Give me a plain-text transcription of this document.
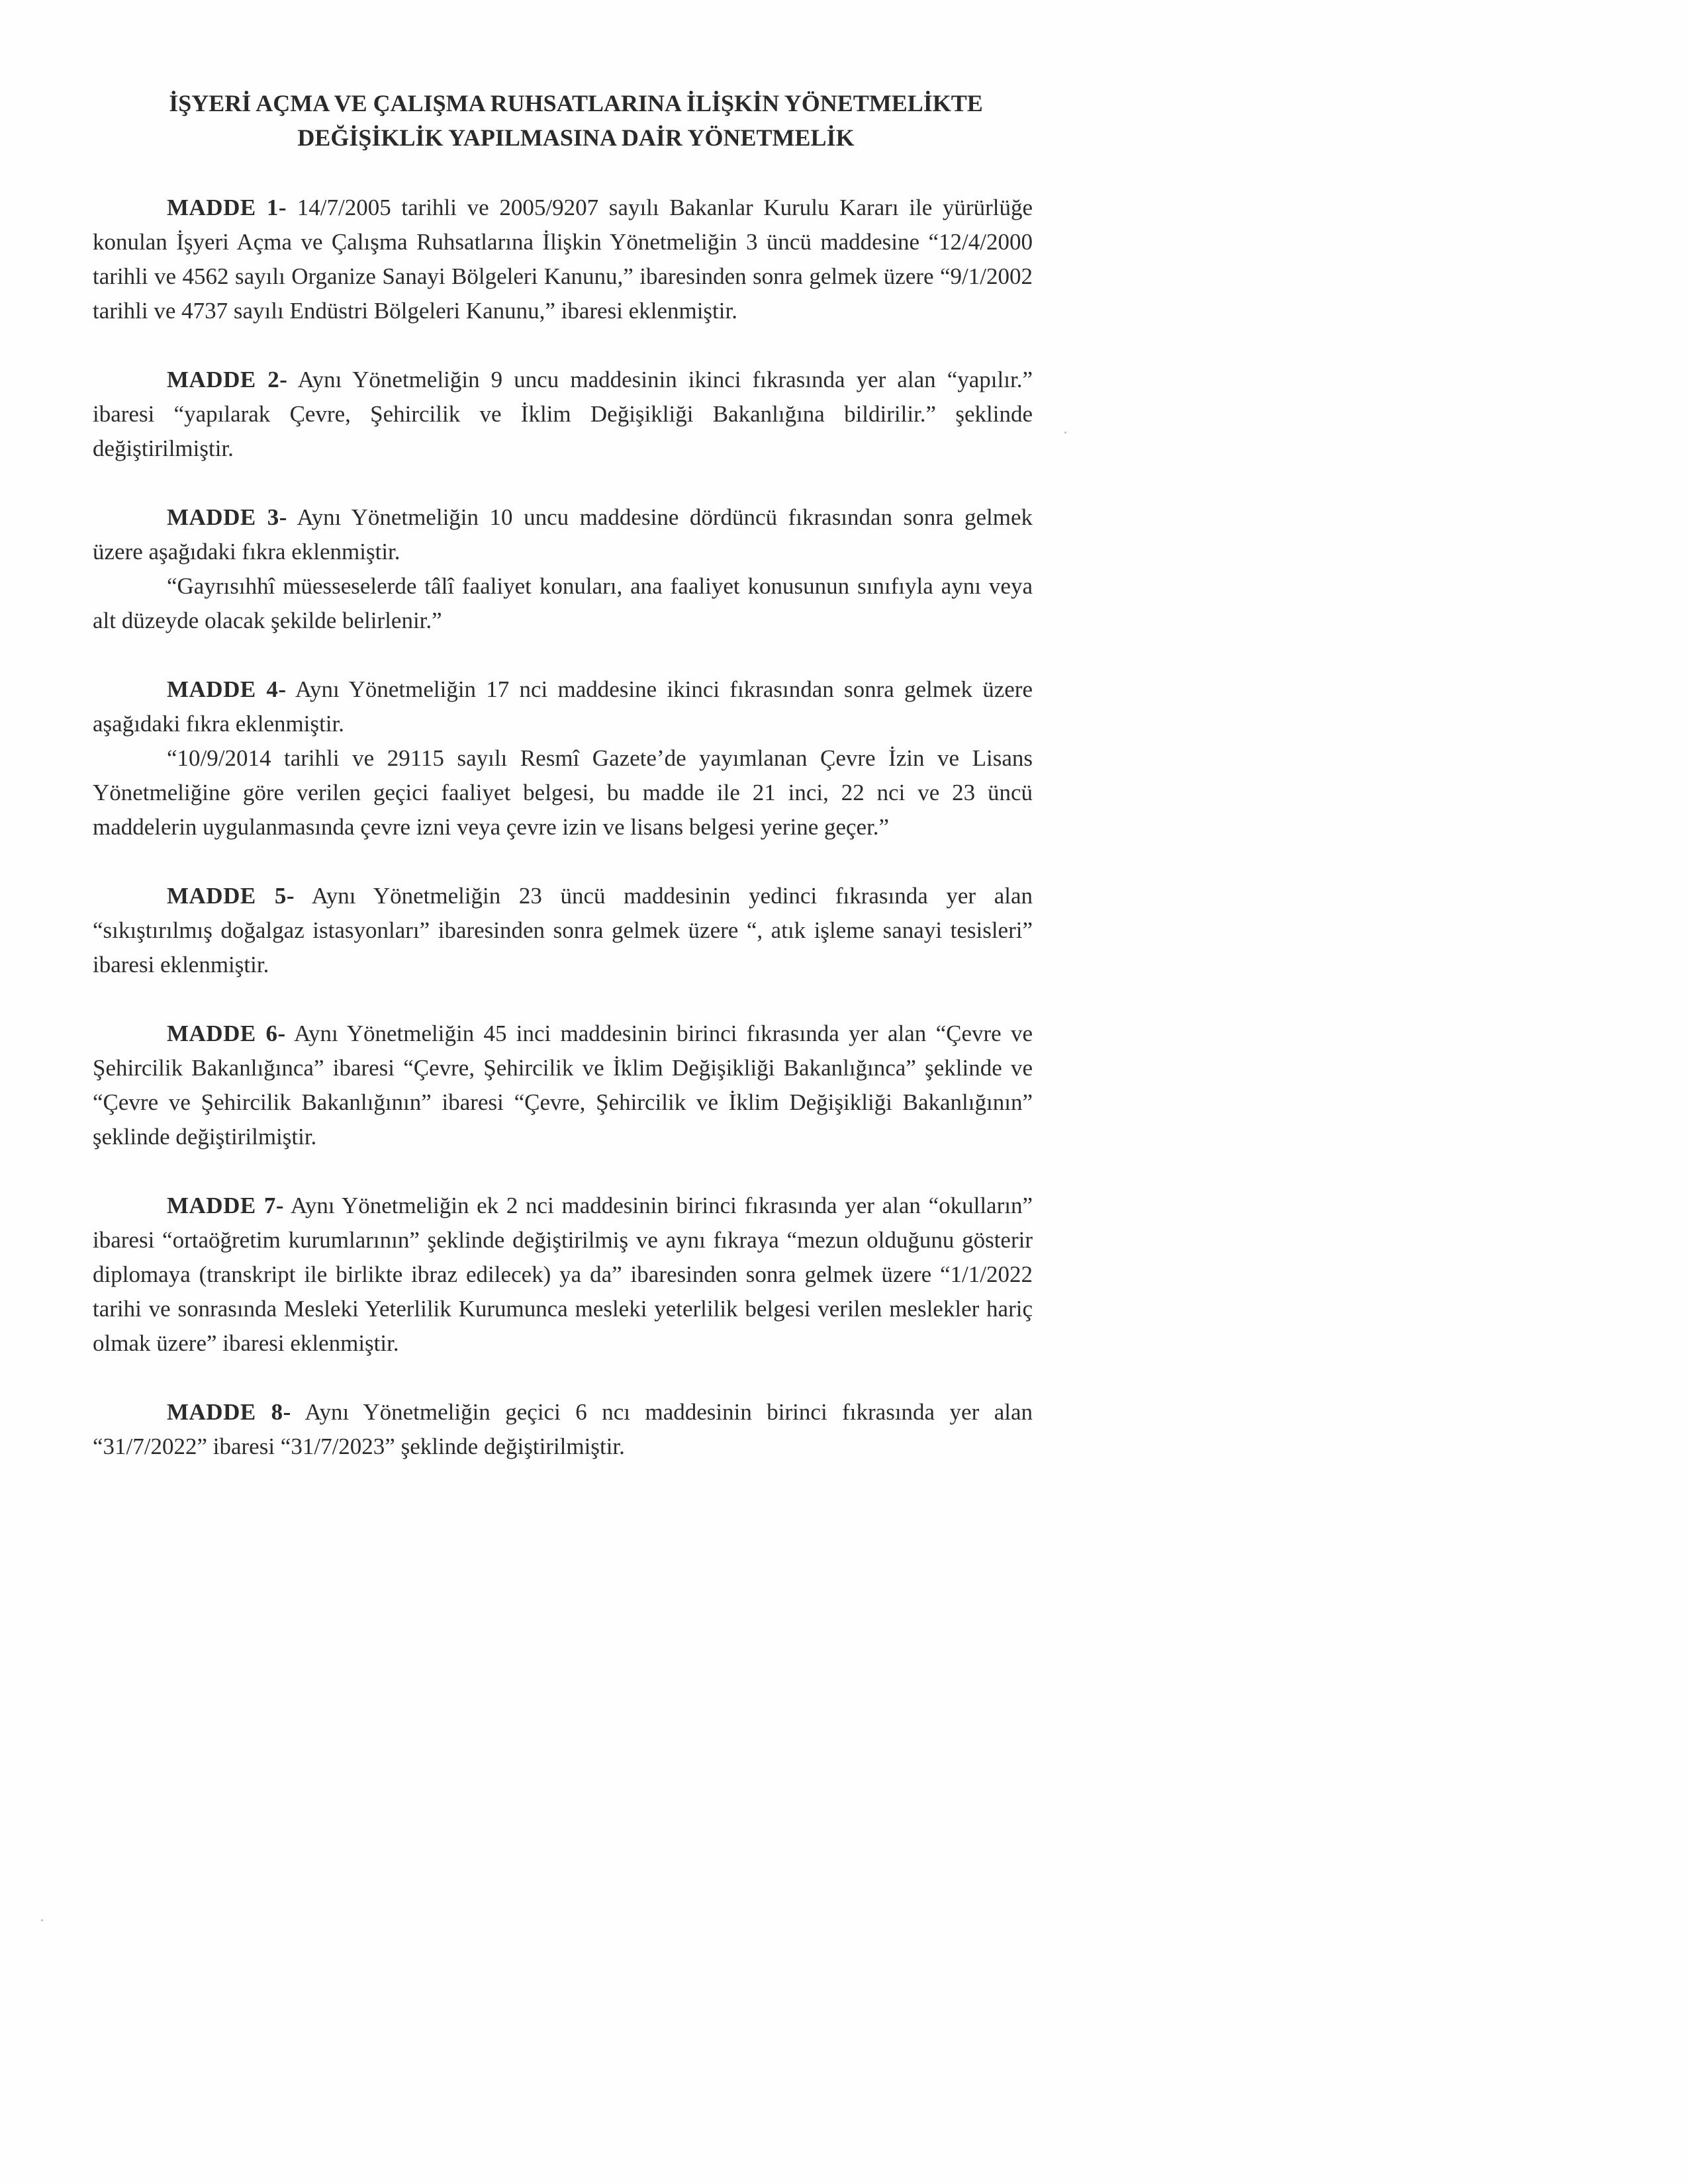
İŞYERİ AÇMA VE ÇALIŞMA RUHSATLARINA İLİŞKİN YÖNETMELİKTE
DEĞİŞİKLİK YAPILMASINA DAİR YÖNETMELİK

MADDE 1- 14/7/2005 tarihli ve 2005/9207 sayılı Bakanlar Kurulu Kararı ile yürürlüğe konulan İşyeri Açma ve Çalışma Ruhsatlarına İlişkin Yönetmeliğin 3 üncü maddesine “12/4/2000 tarihli ve 4562 sayılı Organize Sanayi Bölgeleri Kanunu,” ibaresinden sonra gelmek üzere “9/1/2002 tarihli ve 4737 sayılı Endüstri Bölgeleri Kanunu,” ibaresi eklenmiştir.

MADDE 2- Aynı Yönetmeliğin 9 uncu maddesinin ikinci fıkrasında yer alan “yapılır.” ibaresi “yapılarak Çevre, Şehircilik ve İklim Değişikliği Bakanlığına bildirilir.” şeklinde değiştirilmiştir.

MADDE 3- Aynı Yönetmeliğin 10 uncu maddesine dördüncü fıkrasından sonra gelmek üzere aşağıdaki fıkra eklenmiştir.

“Gayrısıhhî müesseselerde tâlî faaliyet konuları, ana faaliyet konusunun sınıfıyla aynı veya alt düzeyde olacak şekilde belirlenir.”

MADDE 4- Aynı Yönetmeliğin 17 nci maddesine ikinci fıkrasından sonra gelmek üzere aşağıdaki fıkra eklenmiştir.

“10/9/2014 tarihli ve 29115 sayılı Resmî Gazete’de yayımlanan Çevre İzin ve Lisans Yönetmeliğine göre verilen geçici faaliyet belgesi, bu madde ile 21 inci, 22 nci ve 23 üncü maddelerin uygulanmasında çevre izni veya çevre izin ve lisans belgesi yerine geçer.”

MADDE 5- Aynı Yönetmeliğin 23 üncü maddesinin yedinci fıkrasında yer alan “sıkıştırılmış doğalgaz istasyonları” ibaresinden sonra gelmek üzere “, atık işleme sanayi tesisleri” ibaresi eklenmiştir.

MADDE 6- Aynı Yönetmeliğin 45 inci maddesinin birinci fıkrasında yer alan “Çevre ve Şehircilik Bakanlığınca” ibaresi “Çevre, Şehircilik ve İklim Değişikliği Bakanlığınca” şeklinde ve “Çevre ve Şehircilik Bakanlığının” ibaresi “Çevre, Şehircilik ve İklim Değişikliği Bakanlığının” şeklinde değiştirilmiştir.

MADDE 7- Aynı Yönetmeliğin ek 2 nci maddesinin birinci fıkrasında yer alan “okulların” ibaresi “ortaöğretim kurumlarının” şeklinde değiştirilmiş ve aynı fıkraya “mezun olduğunu gösterir diplomaya (transkript ile birlikte ibraz edilecek) ya da” ibaresinden sonra gelmek üzere “1/1/2022 tarihi ve sonrasında Mesleki Yeterlilik Kurumunca mesleki yeterlilik belgesi verilen meslekler hariç olmak üzere” ibaresi eklenmiştir.

MADDE 8- Aynı Yönetmeliğin geçici 6 ncı maddesinin birinci fıkrasında yer alan “31/7/2022” ibaresi “31/7/2023” şeklinde değiştirilmiştir.
